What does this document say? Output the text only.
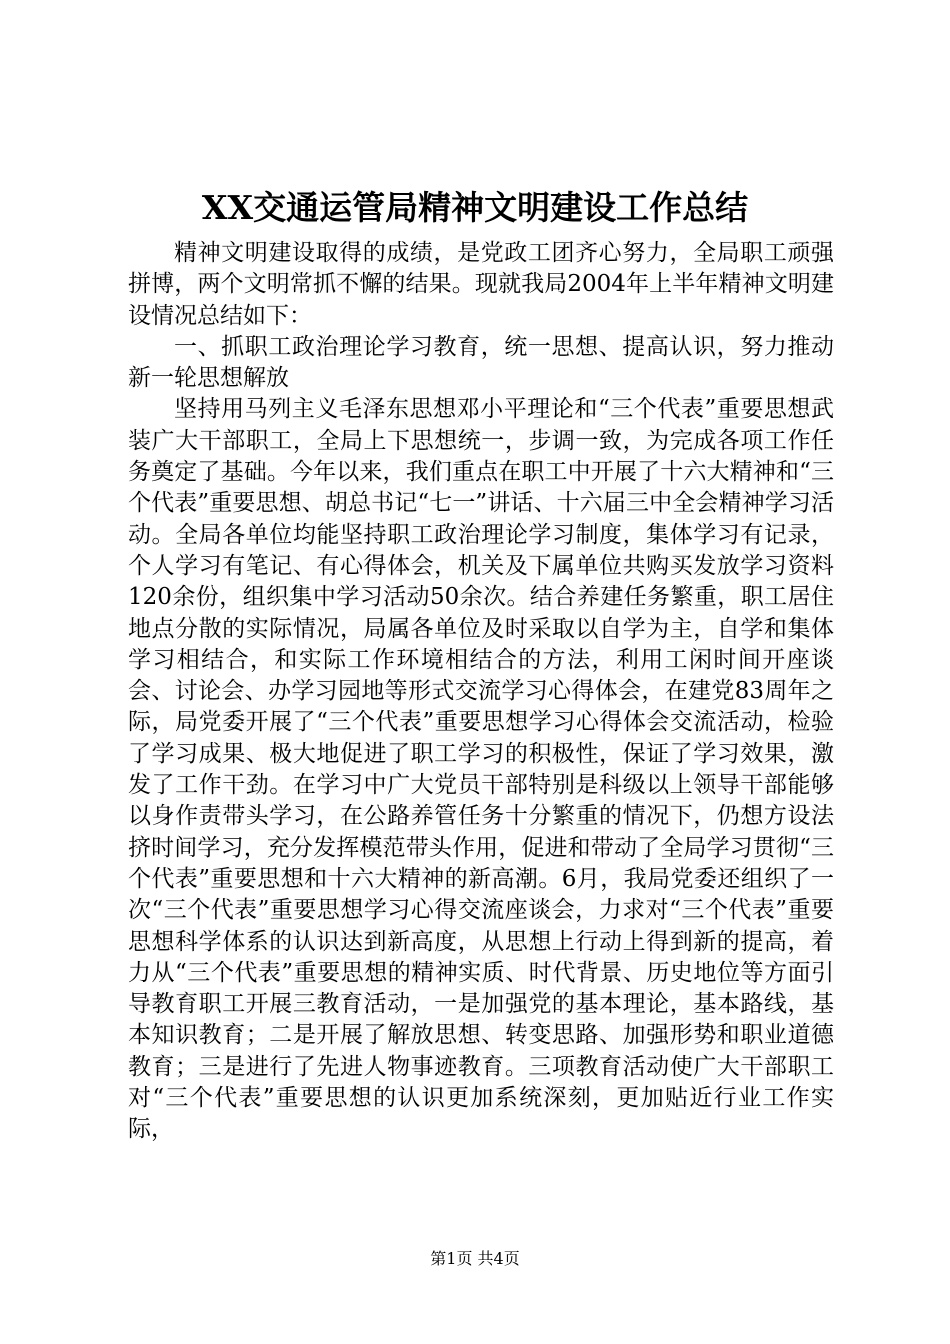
XX交通运管局精神文明建设工作总结

精神文明建设取得的成绩，是党政工团齐心努力，全局职工顽强拼博，两个文明常抓不懈的结果。现就我局2004年上半年精神文明建设情况总结如下：

一、抓职工政治理论学习教育，统一思想、提高认识，努力推动新一轮思想解放

坚持用马列主义毛泽东思想邓小平理论和“三个代表”重要思想武装广大干部职工，全局上下思想统一，步调一致，为完成各项工作任务奠定了基础。今年以来，我们重点在职工中开展了十六大精神和“三个代表”重要思想、胡总书记“七一”讲话、十六届三中全会精神学习活动。全局各单位均能坚持职工政治理论学习制度，集体学习有记录，个人学习有笔记、有心得体会，机关及下属单位共购买发放学习资料120余份，组织集中学习活动50余次。结合养建任务繁重，职工居住地点分散的实际情况，局属各单位及时采取以自学为主，自学和集体学习相结合，和实际工作环境相结合的方法，利用工闲时间开座谈会、讨论会、办学习园地等形式交流学习心得体会，在建党83周年之际，局党委开展了“三个代表”重要思想学习心得体会交流活动，检验了学习成果、极大地促进了职工学习的积极性，保证了学习效果，激发了工作干劲。在学习中广大党员干部特别是科级以上领导干部能够以身作责带头学习，在公路养管任务十分繁重的情况下，仍想方设法挤时间学习，充分发挥模范带头作用，促进和带动了全局学习贯彻“三个代表”重要思想和十六大精神的新高潮。6月，我局党委还组织了一次“三个代表”重要思想学习心得交流座谈会，力求对“三个代表”重要思想科学体系的认识达到新高度，从思想上行动上得到新的提高，着力从“三个代表”重要思想的精神实质、时代背景、历史地位等方面引导教育职工开展三教育活动，一是加强党的基本理论，基本路线，基本知识教育；二是开展了解放思想、转变思路、加强形势和职业道德教育；三是进行了先进人物事迹教育。三项教育活动使广大干部职工对“三个代表”重要思想的认识更加系统深刻，更加贴近行业工作实际，

第1页 共4页
